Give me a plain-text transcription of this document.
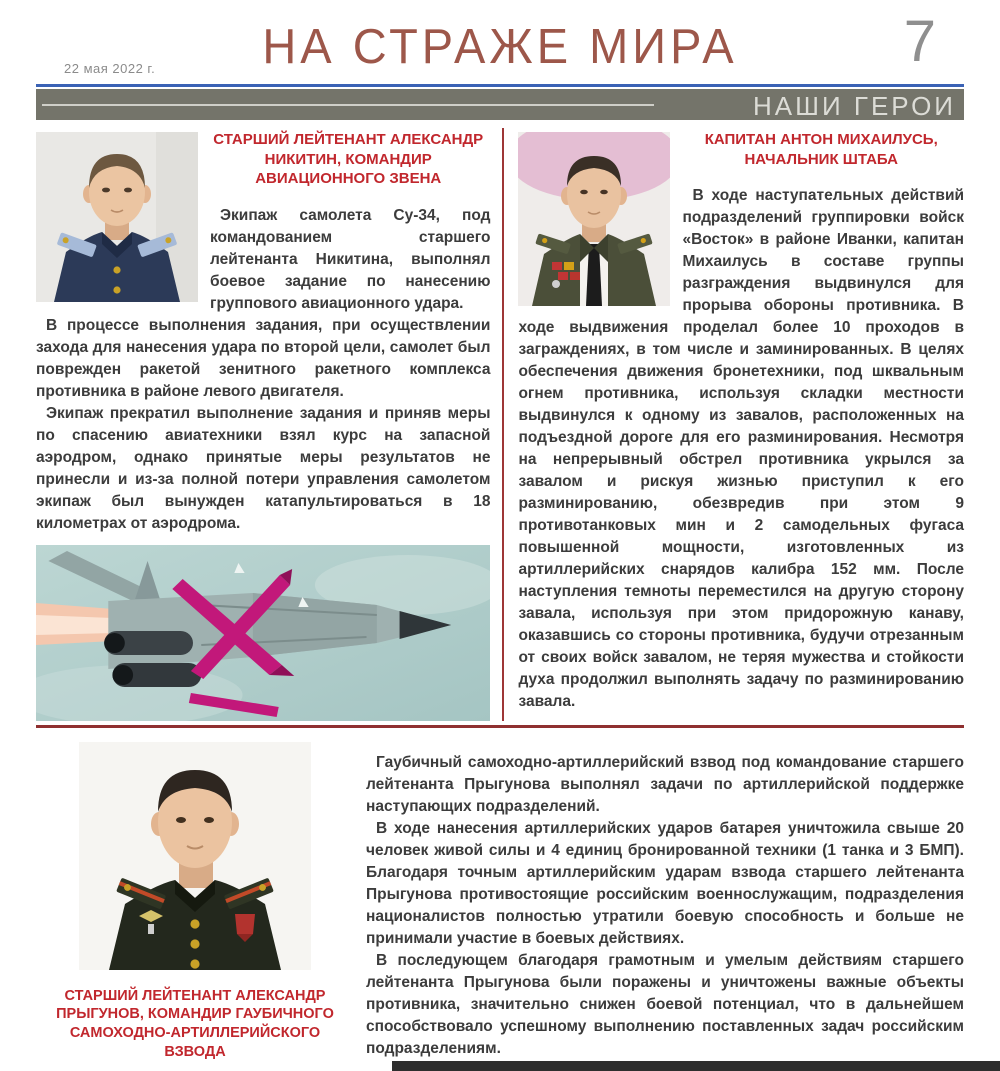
22 мая 2022 г.	НА СТРАЖЕ МИРА	7
НАШИ ГЕРОИ
СТАРШИЙ ЛЕЙТЕНАНТ АЛЕКСАНДР НИКИТИН, КОМАНДИР АВИАЦИОННОГО ЗВЕНА

Экипаж самолета Су-34, под командованием старшего лейтенанта Никитина, выполнял боевое задание по нанесению группового авиационного удара.

В процессе выполнения задания, при осуществлении захода для нанесения удара по второй цели, самолет был поврежден ракетой зенитного ракетного комплекса противника в районе левого двигателя.

Экипаж прекратил выполнение задания и приняв меры по спасению авиатехники взял курс на запасной аэродром, однако принятые меры результатов не принесли и из-за полной потери управления самолетом экипаж был вынужден катапультироваться в 18 километрах от аэродрома.

КАПИТАН АНТОН МИХАИЛУСЬ, НАЧАЛЬНИК ШТАБА

В ходе наступательных действий подразделений группировки войск «Восток» в районе Иванки, капитан Михаилусь в составе группы разграждения выдвинулся для прорыва обороны противника. В ходе выдвижения проделал более 10 проходов в заграждениях, в том числе и заминированных. В целях обеспечения движения бронетехники, под шквальным огнем противника, используя складки местности выдвинулся к одному из завалов, расположенных на подъездной дороге для его разминирования. Несмотря на непрерывный обстрел противника укрылся за завалом и рискуя жизнью приступил к его разминированию, обезвредив при этом 9 противотанковых мин и 2 самодельных фугаса повышенной мощности, изготовленных из артиллерийских снарядов калибра 152 мм. После наступления темноты переместился на другую сторону завала, используя при этом придорожную канаву, оказавшись со стороны противника, будучи отрезанным от своих войск завалом, не теряя мужества и стойкости духа продолжил выполнять задачу по разминированию завала.

СТАРШИЙ ЛЕЙТЕНАНТ АЛЕКСАНДР ПРЫГУНОВ, КОМАНДИР ГАУБИЧНОГО САМОХОДНО-АРТИЛЛЕРИЙСКОГО ВЗВОДА

Гаубичный самоходно-артиллерийский взвод под командование старшего лейтенанта Прыгунова выполнял задачи по артиллерийской поддержке наступающих подразделений.

В ходе нанесения артиллерийских ударов батарея уничтожила свыше 20 человек живой силы и 4 единиц бронированной техники (1 танка и 3 БМП). Благодаря точным артиллерийским ударам взвода старшего лейтенанта Прыгунова противостоящие российским военнослужащим, подразделения националистов полностью утратили боевую способность и больше не принимали участие в боевых действиях.

В последующем благодаря грамотным и умелым действиям старшего лейтенанта Прыгунова были поражены и уничтожены важные объекты противника, значительно снижен боевой потенциал, что в дальнейшем способствовало успешному выполнению поставленных задач российским подразделениям.
